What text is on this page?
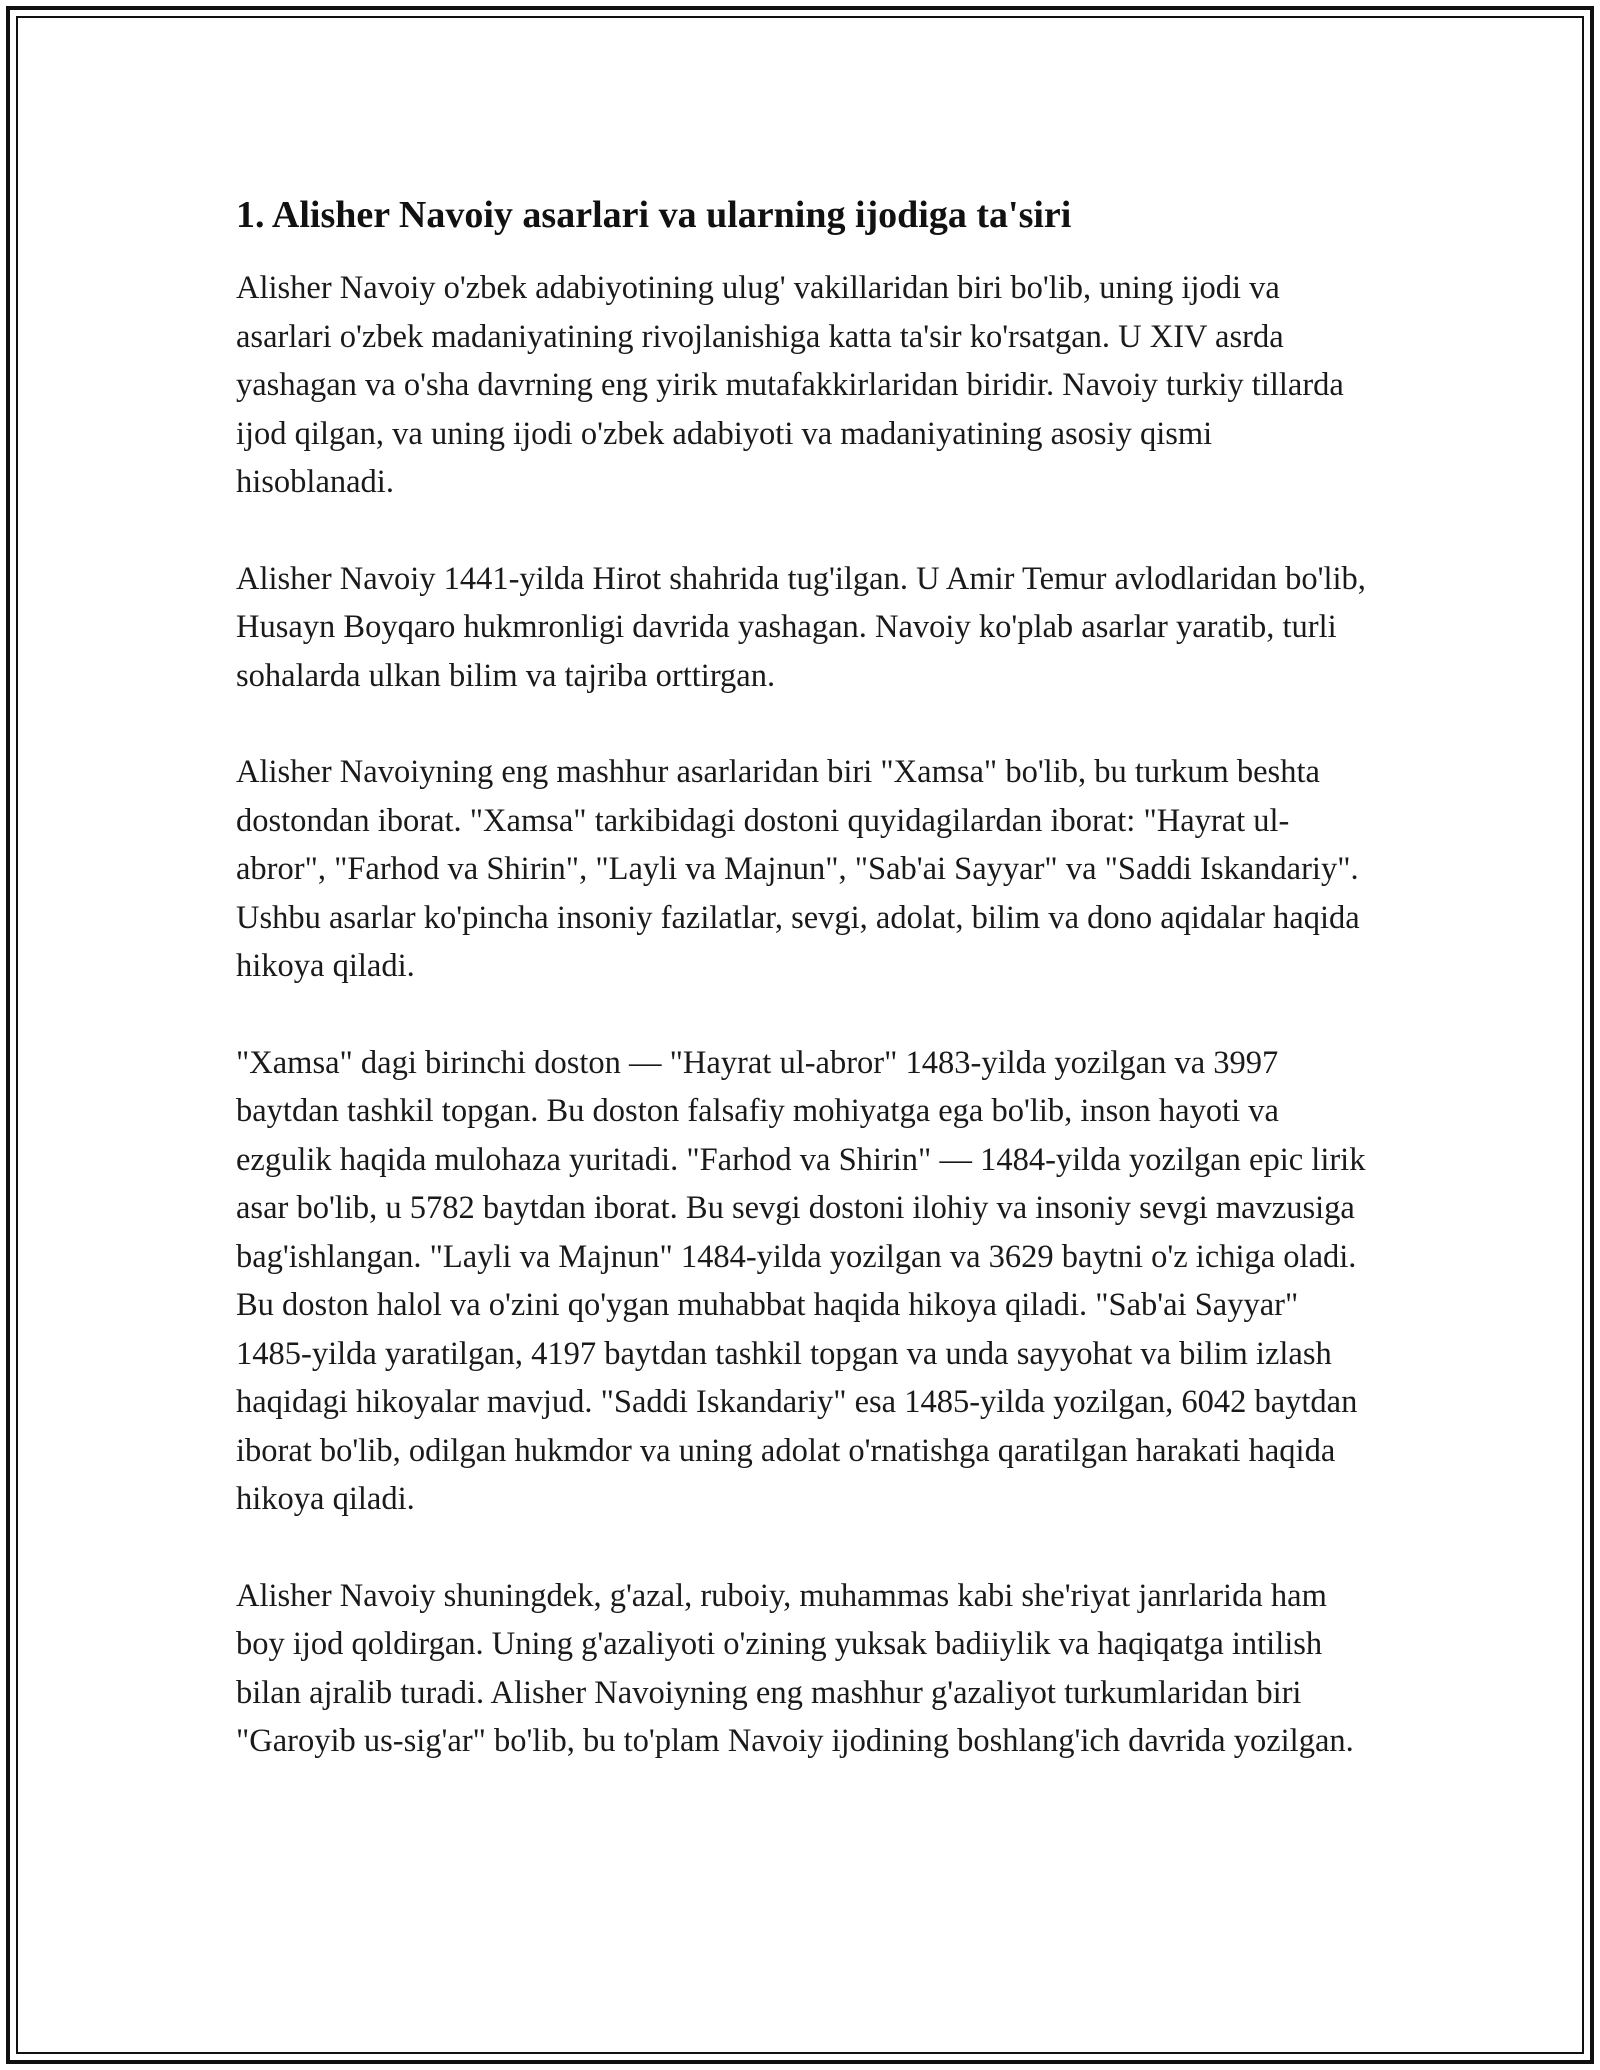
1. Alisher Navoiy asarlari va ularning ijodiga ta'siri

Alisher Navoiy o'zbek adabiyotining ulug' vakillaridan biri bo'lib, uning ijodi va asarlari o'zbek madaniyatining rivojlanishiga katta ta'sir ko'rsatgan. U XIV asrda yashagan va o'sha davrning eng yirik mutafakkirlaridan biridir. Navoiy turkiy tillarda ijod qilgan, va uning ijodi o'zbek adabiyoti va madaniyatining asosiy qismi hisoblanadi.

Alisher Navoiy 1441-yilda Hirot shahrida tug'ilgan. U Amir Temur avlodlaridan bo'lib, Husayn Boyqaro hukmronligi davrida yashagan. Navoiy ko'plab asarlar yaratib, turli sohalarda ulkan bilim va tajriba orttirgan.

Alisher Navoiyning eng mashhur asarlaridan biri "Xamsa" bo'lib, bu turkum beshta dostondan iborat. "Xamsa" tarkibidagi dostoni quyidagilardan iborat: "Hayrat ul-abror", "Farhod va Shirin", "Layli va Majnun", "Sab'ai Sayyar" va "Saddi Iskandariy". Ushbu asarlar ko'pincha insoniy fazilatlar, sevgi, adolat, bilim va dono aqidalar haqida hikoya qiladi.

"Xamsa" dagi birinchi doston — "Hayrat ul-abror" 1483-yilda yozilgan va 3997 baytdan tashkil topgan. Bu doston falsafiy mohiyatga ega bo'lib, inson hayoti va ezgulik haqida mulohaza yuritadi. "Farhod va Shirin" — 1484-yilda yozilgan epic lirik asar bo'lib, u 5782 baytdan iborat. Bu sevgi dostoni ilohiy va insoniy sevgi mavzusiga bag'ishlangan. "Layli va Majnun" 1484-yilda yozilgan va 3629 baytni o'z ichiga oladi. Bu doston halol va o'zini qo'ygan muhabbat haqida hikoya qiladi. "Sab'ai Sayyar" 1485-yilda yaratilgan, 4197 baytdan tashkil topgan va unda sayyohat va bilim izlash haqidagi hikoyalar mavjud. "Saddi Iskandariy" esa 1485-yilda yozilgan, 6042 baytdan iborat bo'lib, odilgan hukmdor va uning adolat o'rnatishga qaratilgan harakati haqida hikoya qiladi.

Alisher Navoiy shuningdek, g'azal, ruboiy, muhammas kabi she'riyat janrlarida ham boy ijod qoldirgan. Uning g'azaliyoti o'zining yuksak badiiylik va haqiqatga intilish bilan ajralib turadi. Alisher Navoiyning eng mashhur g'azaliyot turkumlaridan biri "Garoyib us-sig'ar" bo'lib, bu to'plam Navoiy ijodining boshlang'ich davrida yozilgan.
